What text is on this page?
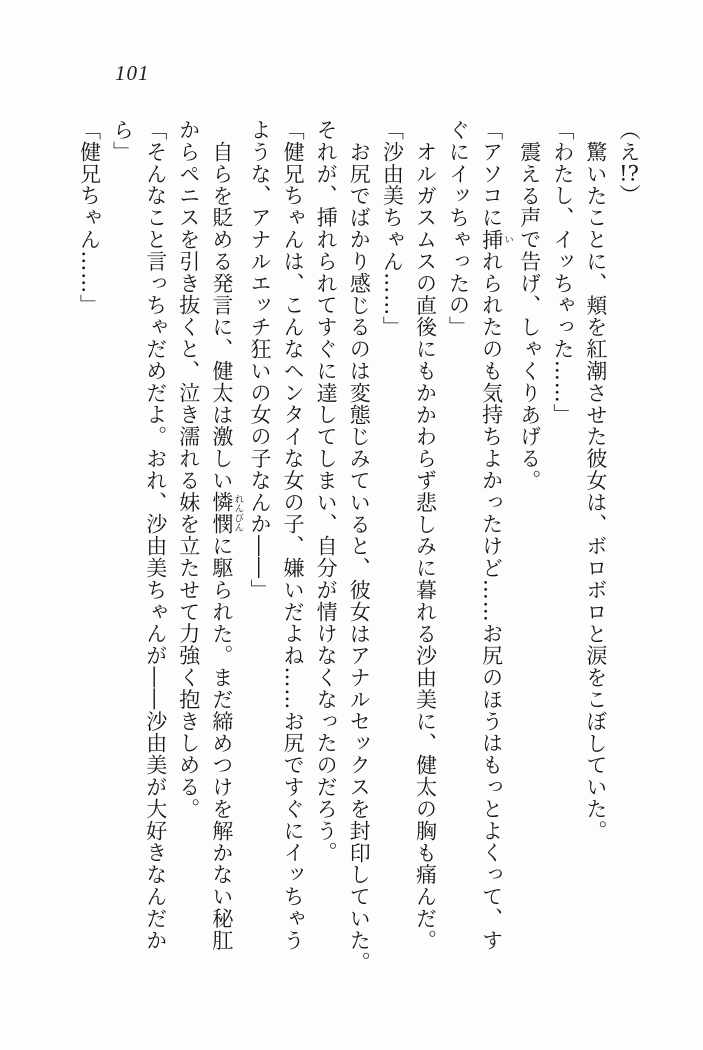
101

（え!?）

驚いたことに、頬を紅潮させた彼女は、ボロボロと涙をこぼしていた。

「わたし、イッちゃった……」

震える声で告げ、しゃくりあげる。

「アソコに挿いれられたのも気持ちよかったけど……お尻のほうはもっとよくって、す

ぐにイッちゃったの」

オルガスムスの直後にもかかわらず悲しみに暮れる沙由美に、健太の胸も痛んだ。

「沙由美ちゃん……」

お尻でばかり感じるのは変態じみていると、彼女はアナルセックスを封印していた。

それが、挿れられてすぐに達してしまい、自分が情けなくなったのだろう。

「健兄ちゃんは、こんなヘンタイな女の子、嫌いだよね……お尻ですぐにイッちゃう

ような、アナルエッチ狂いの女の子なんか――」

自らを貶める発言に、健太は激しい憐憫れんびんに駆られた。まだ締めつけを解かない秘肛

からペニスを引き抜くと、泣き濡れる妹を立たせて力強く抱きしめる。

「そんなこと言っちゃだめだよ。おれ、沙由美ちゃんが――沙由美が大好きなんだか

ら」

「健兄ちゃん……」
